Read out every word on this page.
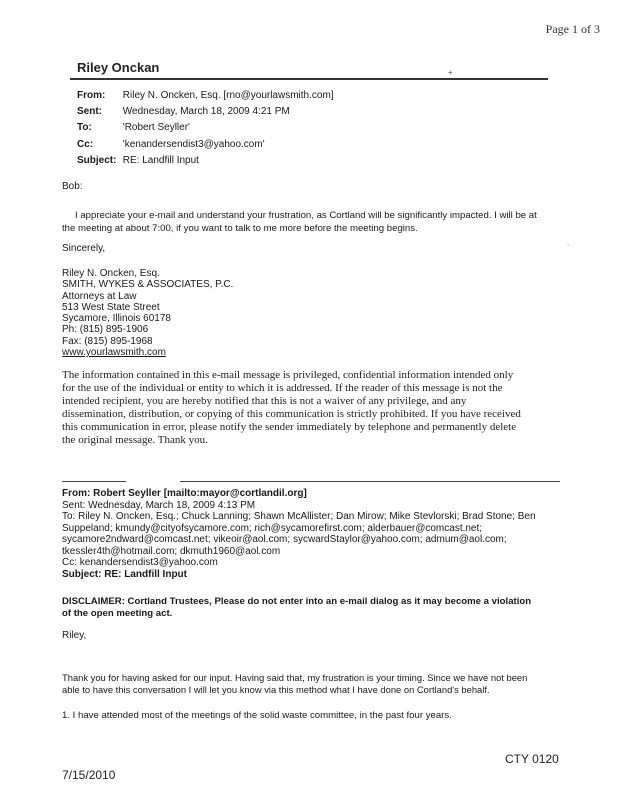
Page 1 of 3
Riley Onckan	+
From: Riley N. Oncken, Esq. [rno@yourlawsmith.com]
Sent: Wednesday, March 18, 2009 4:21 PM
To:	'Robert Seyller'
Cc:	'kenandersendist3@yahoo.com'
Subject: RE: Landfill Input
Bob:
I appreciate your e-mail and understand your frustration, as Cortland will be significantly impacted. I will be at
the meeting at about 7:00, if you want to talk to me more before the meeting begins.
.
Sincerely,
Riley N. Oncken, Esq.
SMITH, WYKES & ASSOCIATES, P.C.
Attorneys at Law
513 West State Street
Sycamore, Illinois 60178
Ph: (815) 895-1906
Fax: (815) 895-1968
www.yourlawsmith.com
The information contained in this e-mail message is privileged, confidential information intended only
for the use of the individual or entity to which it is addressed. If the reader of this message is not the
intended recipient, you are hereby notified that this is not a waiver of any privilege, and any
dissemination, distribution, or copying of this communication is strictly prohibited. If you have received
this communication in error, please notify the sender immediately by telephone and permanently delete
the original message. Thank you.
From: Robert Seyller [mailto:mayor@cortlandil.org]
Sent: Wednesday, March 18, 2009 4:13 PM
To: Riley N. Oncken, Esq.; Chuck Lanning; Shawn McAllister; Dan Mirow; Mike Stevlorski; Brad Stone; Ben
Suppeland; kmundy@cityofsycamore.com; rich@sycamorefirst.com; alderbauer@comcast.net;
sycamore2ndward@comcast.net; vikeoir@aol.com; sycwardStaylor@yahoo.com; admum@aol.com;
tkessler4th@hotmail.com; dkmuth1960@aol.com
Cc: kenandersendist3@yahoo.com
Subject: RE: Landfill Input
DISCLAIMER: Cortland Trustees, Please do not enter into an e-mail dialog as it may become a violation
of the open meeting act.
Riley,
Thank you for having asked for our input. Having said that, my frustration is your timing. Since we have not been
able to have this conversation I will let you know via this method what I have done on Cortland's behalf.
1. I have attended most of the meetings of the solid waste committee, in the past four years.
7/15/2010
CTY 0120
